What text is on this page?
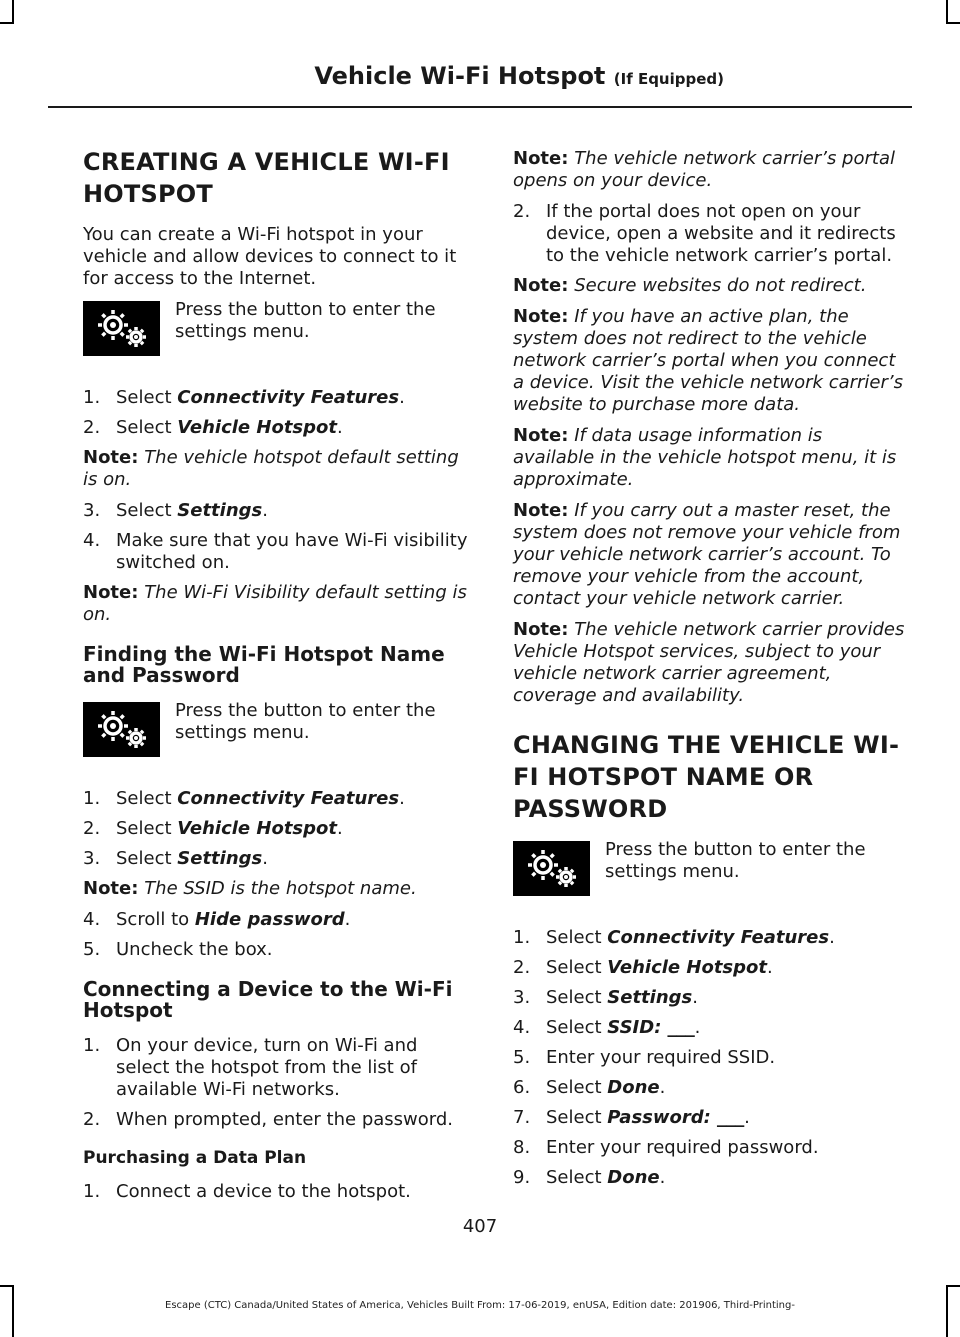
Vehicle Wi-Fi Hotspot (If Equipped)
CREATING A VEHICLE WI-FI
HOTSPOT

You can create a Wi-Fi hotspot in your vehicle and allow devices to connect to it for access to the Internet.

Press the button to enter the settings menu.
1. Select Connectivity Features.
2. Select Vehicle Hotspot.

Note: The vehicle hotspot default setting is on.

3. Select Settings.
4. Make sure that you have Wi-Fi visibility switched on.

Note: The Wi-Fi Visibility default setting is on.

Finding the Wi-Fi Hotspot Name and Password
Press the button to enter the settings menu.
1. Select Connectivity Features.
2. Select Vehicle Hotspot.
3. Select Settings.

Note: The SSID is the hotspot name.

4. Scroll to Hide password.
5. Uncheck the box.
Connecting a Device to the Wi-Fi Hotspot
1. On your device, turn on Wi-Fi and select the hotspot from the list of available Wi-Fi networks.
2. When prompted, enter the password.
Purchasing a Data Plan
1. Connect a device to the hotspot.

Note: The vehicle network carrier’s portal opens on your device.

2. If the portal does not open on your device, open a website and it redirects to the vehicle network carrier’s portal.

Note: Secure websites do not redirect.

Note: If you have an active plan, the system does not redirect to the vehicle network carrier’s portal when you connect a device. Visit the vehicle network carrier’s website to purchase more data.

Note: If data usage information is available in the vehicle hotspot menu, it is approximate.

Note: If you carry out a master reset, the system does not remove your vehicle from your vehicle network carrier’s account. To remove your vehicle from the account, contact your vehicle network carrier.

Note: The vehicle network carrier provides Vehicle Hotspot services, subject to your vehicle network carrier agreement, coverage and availability.

CHANGING THE VEHICLE WI-
FI HOTSPOT NAME OR
PASSWORD
Press the button to enter the settings menu.
1. Select Connectivity Features.
2. Select Vehicle Hotspot.
3. Select Settings.
4. Select SSID: ___.
5. Enter your required SSID.
6. Select Done.
7. Select Password: ___.
8. Enter your required password.
9. Select Done.
407
Escape (CTC) Canada/United States of America, Vehicles Built From: 17-06-2019, enUSA, Edition date: 201906, Third-Printing-
